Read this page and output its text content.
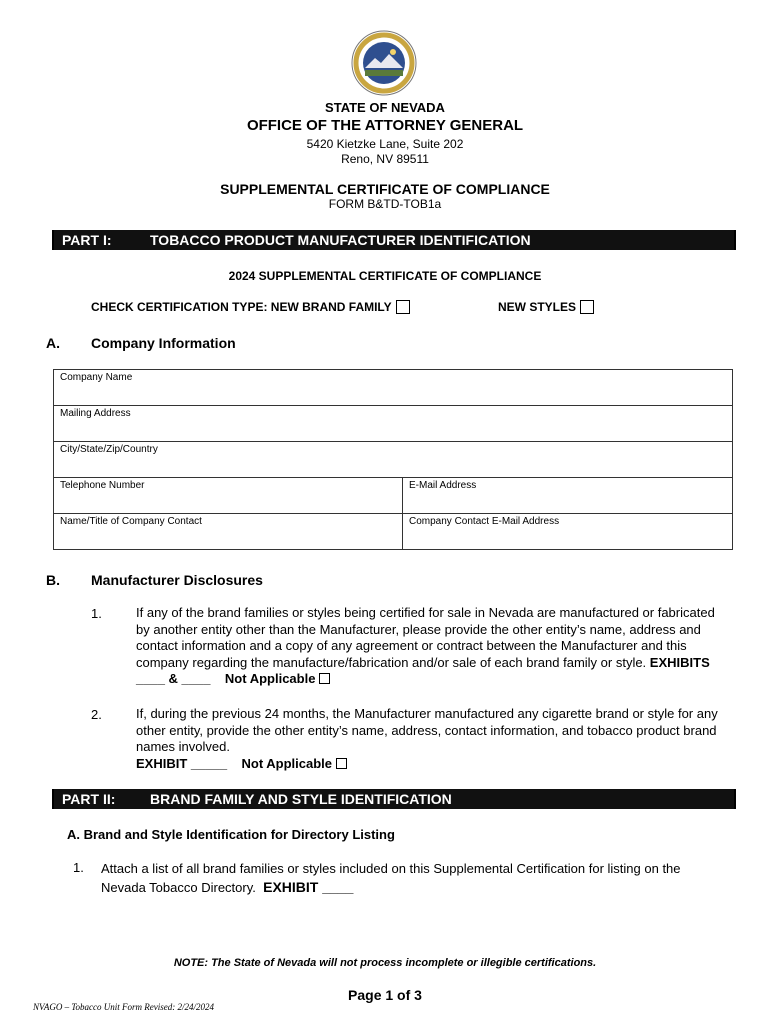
STATE OF NEVADA
OFFICE OF THE ATTORNEY GENERAL
5420 Kietzke Lane, Suite 202
Reno, NV 89511
SUPPLEMENTAL CERTIFICATE OF COMPLIANCE
FORM B&TD-TOB1a
PART I:	TOBACCO PRODUCT MANUFACTURER IDENTIFICATION
2024 SUPPLEMENTAL CERTIFICATE OF COMPLIANCE
CHECK CERTIFICATION TYPE: NEW BRAND FAMILY	NEW STYLES
A. Company Information
Company Name	
Mailing Address	
City/State/Zip/Country	
Telephone Number	E-Mail Address
Name/Title of Company Contact	Company Contact E-Mail Address
B. Manufacturer Disclosures
1.	If any of the brand families or styles being certified for sale in Nevada are manufactured or fabricated by another entity other than the Manufacturer, please provide the other entity’s name, address and contact information and a copy of any agreement or contract between the Manufacturer and this company regarding the manufacture/fabrication and/or sale of each brand family or style. EXHIBITS ____ & ____ Not Applicable
2.	If, during the previous 24 months, the Manufacturer manufactured any cigarette brand or style for any other entity, provide the other entity’s name, address, contact information, and tobacco product brand names involved.
EXHIBIT _____ Not Applicable
PART II: BRAND FAMILY AND STYLE IDENTIFICATION
A. Brand and Style Identification for Directory Listing
1. Attach a list of all brand families or styles included on this Supplemental Certification for listing on the
Nevada Tobacco Directory. EXHIBIT ____
NOTE: The State of Nevada will not process incomplete or illegible certifications.
Page 1 of 3
NVAGO – Tobacco Unit Form Revised: 2/24/2024
